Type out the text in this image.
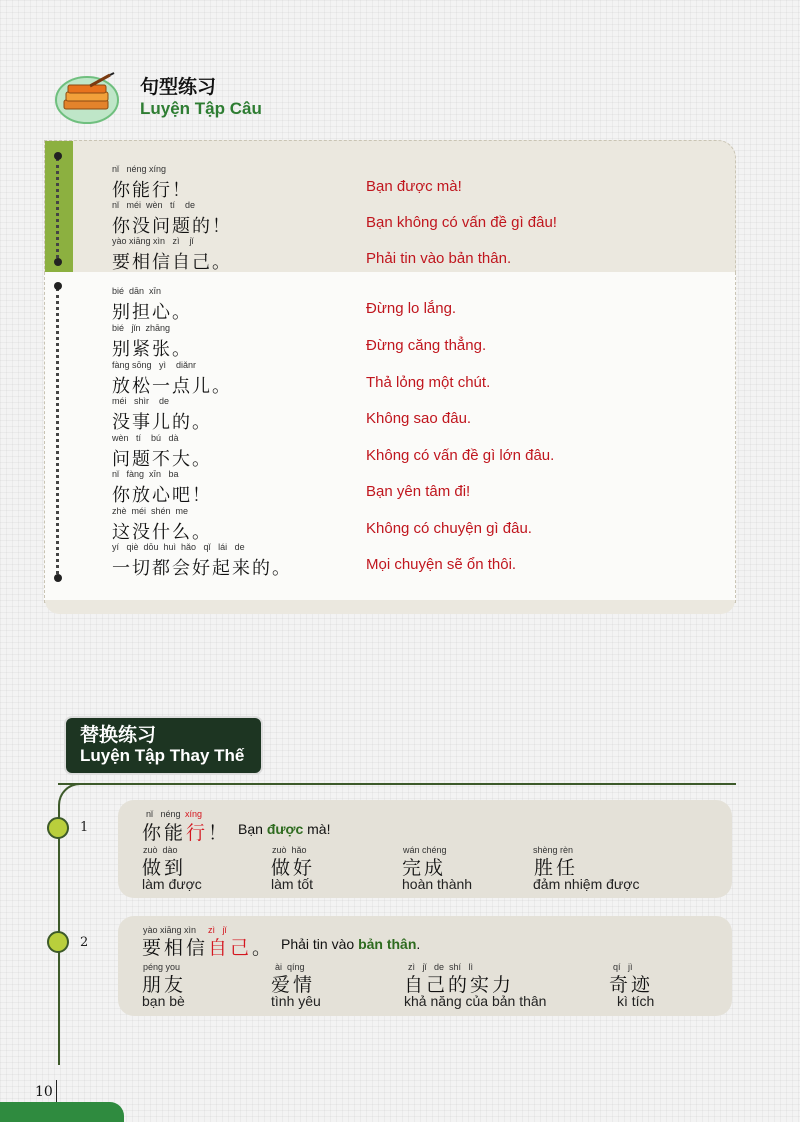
句型练习
Luyện Tập Câu
nǐ   néng xíng
你能行！	Bạn được mà!
nǐ   méi  wèn   tí    de
你没问题的！	Bạn không có vấn đề gì đâu!
yào xiāng xìn   zì    jǐ
要相信自己。	Phải tin vào bản thân.
bié  dān  xīn
别担心。	Đừng lo lắng.
bié   jǐn  zhāng
别紧张。	Đừng căng thẳng.
fàng sōng   yì    diǎnr
放松一点儿。	Thả lỏng một chút.
méi   shìr    de
没事儿的。	Không sao đâu.
wèn   tí    bú   dà
问题不大。	Không có vấn đề gì lớn đâu.
nǐ   fàng  xīn   ba
你放心吧！	Bạn yên tâm đi!
zhè  méi  shén  me
这没什么。	Không có chuyện gì đâu.
yí   qiè  dōu  huì  hǎo   qǐ   lái   de
一切都会好起来的。	Mọi chuyện sẽ ổn thôi.
替换练习
Luyện Tập Thay Thế
1
nǐ   néng xíng
你能行！ Bạn được mà!
zuò  dào
做到
làm được
zuò  hǎo
做好
làm tốt
wán chéng
完成
hoàn thành
shèng rèn
胜任
đảm nhiệm được
2
yào xiāng xìn zì   jǐ
要相信自己。 Phải tin vào bản thân.
péng you
朋友
bạn bè
ài  qíng
爱情
tình yêu
zì   jǐ   de  shí   lì
自己的实力
khả năng của bản thân
qí   jì
奇迹
kì tích
10
